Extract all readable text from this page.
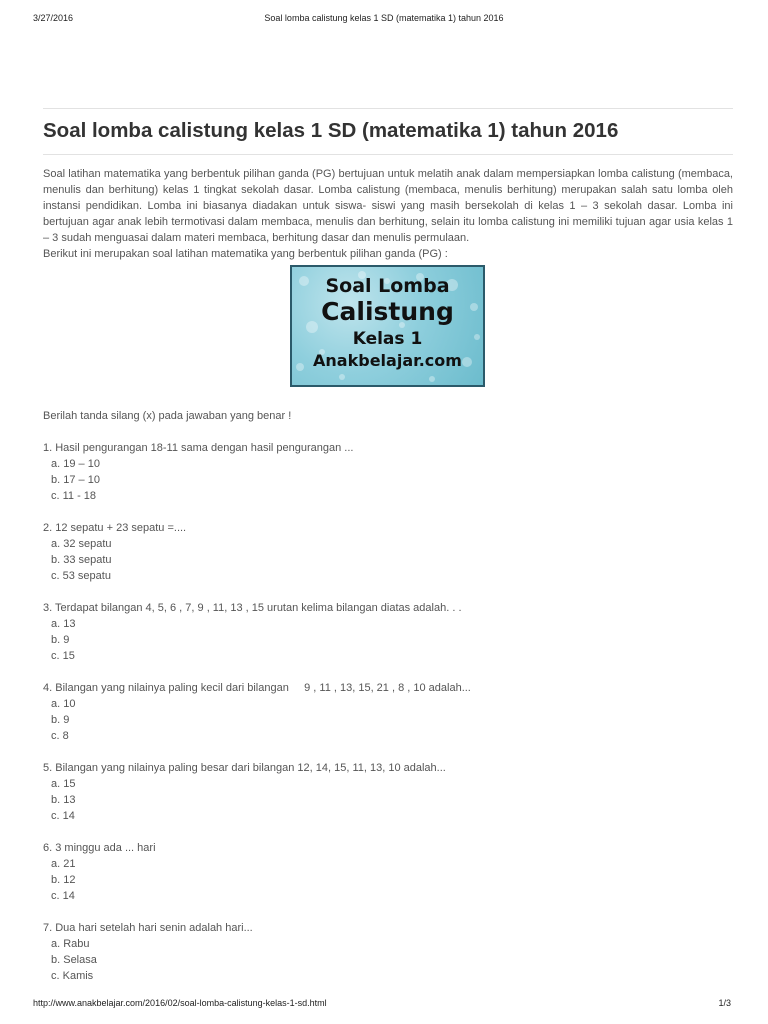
3/27/2016	Soal lomba calistung kelas 1 SD (matematika 1) tahun 2016
Soal lomba calistung kelas 1 SD (matematika 1) tahun 2016

Soal latihan matematika yang berbentuk pilihan ganda (PG) bertujuan untuk melatih anak dalam mempersiapkan lomba calistung (membaca, menulis dan berhitung) kelas 1 tingkat sekolah dasar. Lomba calistung (membaca, menulis berhitung) merupakan salah satu lomba oleh instansi pendidikan. Lomba ini biasanya diadakan untuk siswa- siswi yang masih bersekolah di kelas 1 – 3 sekolah dasar. Lomba ini bertujuan agar anak lebih termotivasi dalam membaca, menulis dan berhitung, selain itu lomba calistung ini memiliki tujuan agar usia kelas 1 – 3 sudah menguasai dalam materi membaca, berhitung dasar dan menulis permulaan.

Berikut ini merupakan soal latihan matematika yang berbentuk pilihan ganda (PG) :
Soal Lomba
Calistung
Kelas 1
Anakbelajar.com
Berilah tanda silang (x) pada jawaban yang benar !
1. Hasil pengurangan 18-11 sama dengan hasil pengurangan ...
a. 19 – 10
b. 17 – 10
c. 11 - 18
2. 12 sepatu + 23 sepatu =....
a. 32 sepatu
b. 33 sepatu
c. 53 sepatu
3. Terdapat bilangan 4, 5, 6 , 7, 9 , 11, 13 , 15 urutan kelima bilangan diatas adalah. . .
a. 13
b. 9
c. 15
4. Bilangan yang nilainya paling kecil dari bilangan     9 , 11 , 13, 15, 21 , 8 , 10 adalah...
a. 10
b. 9
c. 8
5. Bilangan yang nilainya paling besar dari bilangan 12, 14, 15, 11, 13, 10 adalah...
a. 15
b. 13
c. 14
6. 3 minggu ada ... hari
a. 21
b. 12
c. 14
7. Dua hari setelah hari senin adalah hari...
a. Rabu
b. Selasa
c. Kamis
http://www.anakbelajar.com/2016/02/soal-lomba-calistung-kelas-1-sd.html	1/3
